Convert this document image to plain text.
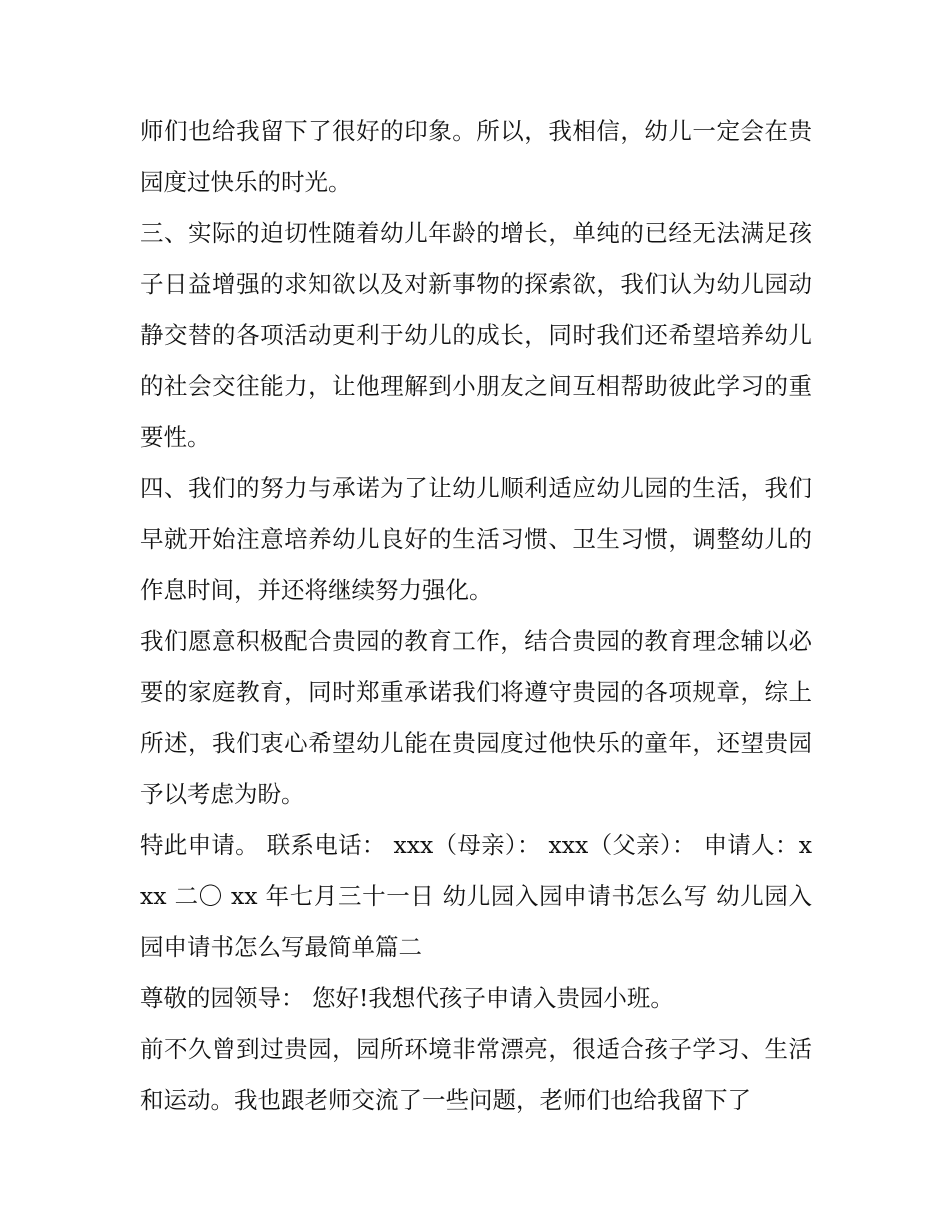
师们也给我留下了很好的印象。所以，我相信，幼儿一定会在贵园度过快乐的时光。

三、实际的迫切性随着幼儿年龄的增长，单纯的已经无法满足孩子日益增强的求知欲以及对新事物的探索欲，我们认为幼儿园动静交替的各项活动更利于幼儿的成长，同时我们还希望培养幼儿的社会交往能力，让他理解到小朋友之间互相帮助彼此学习的重要性。

四、我们的努力与承诺为了让幼儿顺利适应幼儿园的生活，我们早就开始注意培养幼儿良好的生活习惯、卫生习惯，调整幼儿的作息时间，并还将继续努力强化。

我们愿意积极配合贵园的教育工作，结合贵园的教育理念辅以必要的家庭教育，同时郑重承诺我们将遵守贵园的各项规章，综上所述，我们衷心希望幼儿能在贵园度过他快乐的童年，还望贵园予以考虑为盼。

特此申请。 联系电话： xxx（母亲）： xxx（父亲）： 申请人：xxx 二〇 xx 年七月三十一日 幼儿园入园申请书怎么写 幼儿园入园申请书怎么写最简单篇二

尊敬的园领导： 您好!我想代孩子申请入贵园小班。

前不久曾到过贵园，园所环境非常漂亮，很适合孩子学习、生活和运动。我也跟老师交流了一些问题，老师们也给我留下了
